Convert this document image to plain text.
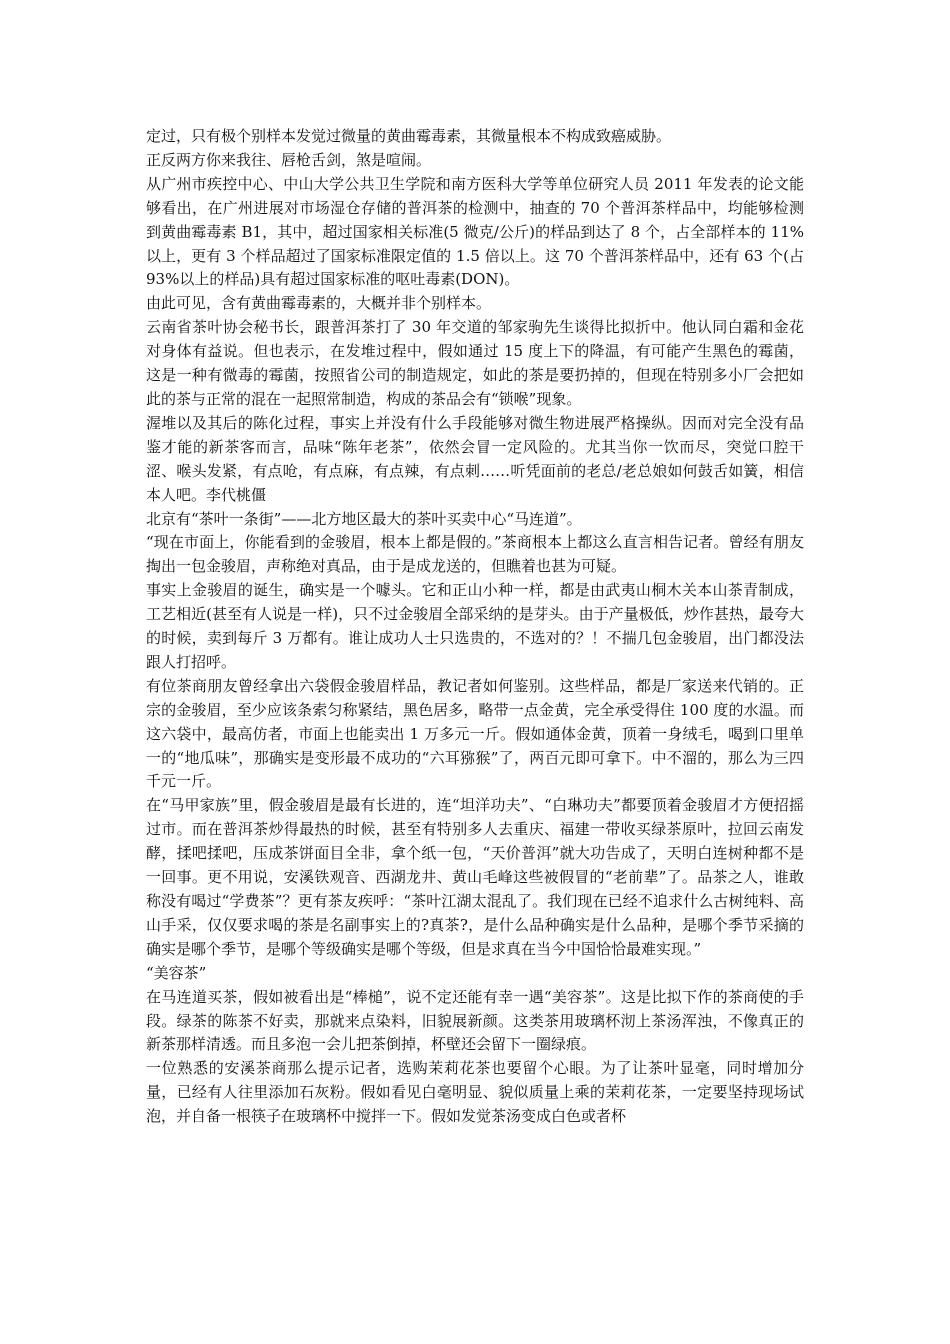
定过，只有极个别样本发觉过微量的黄曲霉毒素，其微量根本不构成致癌威胁。

正反两方你来我往、唇枪舌剑，煞是喧闹。

从广州市疾控中心、中山大学公共卫生学院和南方医科大学等单位研究人员 2011 年发表的论文能够看出，在广州进展对市场湿仓存储的普洱茶的检测中，抽查的 70 个普洱茶样品中，均能够检测到黄曲霉毒素 B1，其中，超过国家相关标准(5 微克/公斤)的样品到达了 8 个，占全部样本的 11%以上，更有 3 个样品超过了国家标准限定值的 1.5 倍以上。这 70 个普洱茶样品中，还有 63 个(占 93%以上的样品)具有超过国家标准的呕吐毒素(DON)。

由此可见，含有黄曲霉毒素的，大概并非个别样本。

云南省茶叶协会秘书长，跟普洱茶打了 30 年交道的邹家驹先生谈得比拟折中。他认同白霜和金花对身体有益说。但也表示，在发堆过程中，假如通过 15 度上下的降温，有可能产生黑色的霉菌，这是一种有微毒的霉菌，按照省公司的制造规定，如此的茶是要扔掉的，但现在特别多小厂会把如此的茶与正常的混在一起照常制造，构成的茶品会有“锁喉”现象。

渥堆以及其后的陈化过程，事实上并没有什么手段能够对微生物进展严格操纵。因而对完全没有品鉴才能的新茶客而言，品味“陈年老茶”，依然会冒一定风险的。尤其当你一饮而尽，突觉口腔干涩、喉头发紧，有点呛，有点麻，有点辣，有点刺……听凭面前的老总/老总娘如何鼓舌如簧，相信本人吧。李代桃僵

北京有“茶叶一条街”——北方地区最大的茶叶买卖中心“马连道”。

“现在市面上，你能看到的金骏眉，根本上都是假的。”茶商根本上都这么直言相告记者。曾经有朋友掏出一包金骏眉，声称绝对真品，由于是成龙送的，但瞧着也甚为可疑。

事实上金骏眉的诞生，确实是一个噱头。它和正山小种一样，都是由武夷山桐木关本山茶青制成，工艺相近(甚至有人说是一样)，只不过金骏眉全部采纳的是芽头。由于产量极低，炒作甚热，最夸大的时候，卖到每斤 3 万都有。谁让成功人士只选贵的，不选对的？！不揣几包金骏眉，出门都没法跟人打招呼。

有位茶商朋友曾经拿出六袋假金骏眉样品，教记者如何鉴别。这些样品，都是厂家送来代销的。正宗的金骏眉，至少应该条索匀称紧结，黑色居多，略带一点金黄，完全承受得住 100 度的水温。而这六袋中，最高仿者，市面上也能卖出 1 万多元一斤。假如通体金黄，顶着一身绒毛，喝到口里单一的“地瓜味”，那确实是变形最不成功的“六耳猕猴”了，两百元即可拿下。中不溜的，那么为三四千元一斤。

在“马甲家族”里，假金骏眉是最有长进的，连“坦洋功夫”、“白琳功夫”都要顶着金骏眉才方便招摇过市。而在普洱茶炒得最热的时候，甚至有特别多人去重庆、福建一带收买绿茶原叶，拉回云南发酵，揉吧揉吧，压成茶饼面目全非，拿个纸一包，“天价普洱”就大功告成了，天明白连树种都不是一回事。更不用说，安溪铁观音、西湖龙井、黄山毛峰这些被假冒的“老前辈”了。品茶之人，谁敢称没有喝过“学费茶”？更有茶友疾呼：“茶叶江湖太混乱了。我们现在已经不追求什么古树纯料、高山手采，仅仅要求喝的茶是名副事实上的?真茶?，是什么品种确实是什么品种，是哪个季节采摘的确实是哪个季节，是哪个等级确实是哪个等级，但是求真在当今中国恰恰最难实现。”

“美容茶”

在马连道买茶，假如被看出是“棒槌”，说不定还能有幸一遇“美容茶”。这是比拟下作的茶商使的手段。绿茶的陈茶不好卖，那就来点染料，旧貌展新颜。这类茶用玻璃杯沏上茶汤浑浊，不像真正的新茶那样清透。而且多泡一会儿把茶倒掉，杯壁还会留下一圈绿痕。

一位熟悉的安溪茶商那么提示记者，选购茉莉花茶也要留个心眼。为了让茶叶显毫，同时增加分量，已经有人往里添加石灰粉。假如看见白毫明显、貌似质量上乘的茉莉花茶，一定要坚持现场试泡，并自备一根筷子在玻璃杯中搅拌一下。假如发觉茶汤变成白色或者杯
